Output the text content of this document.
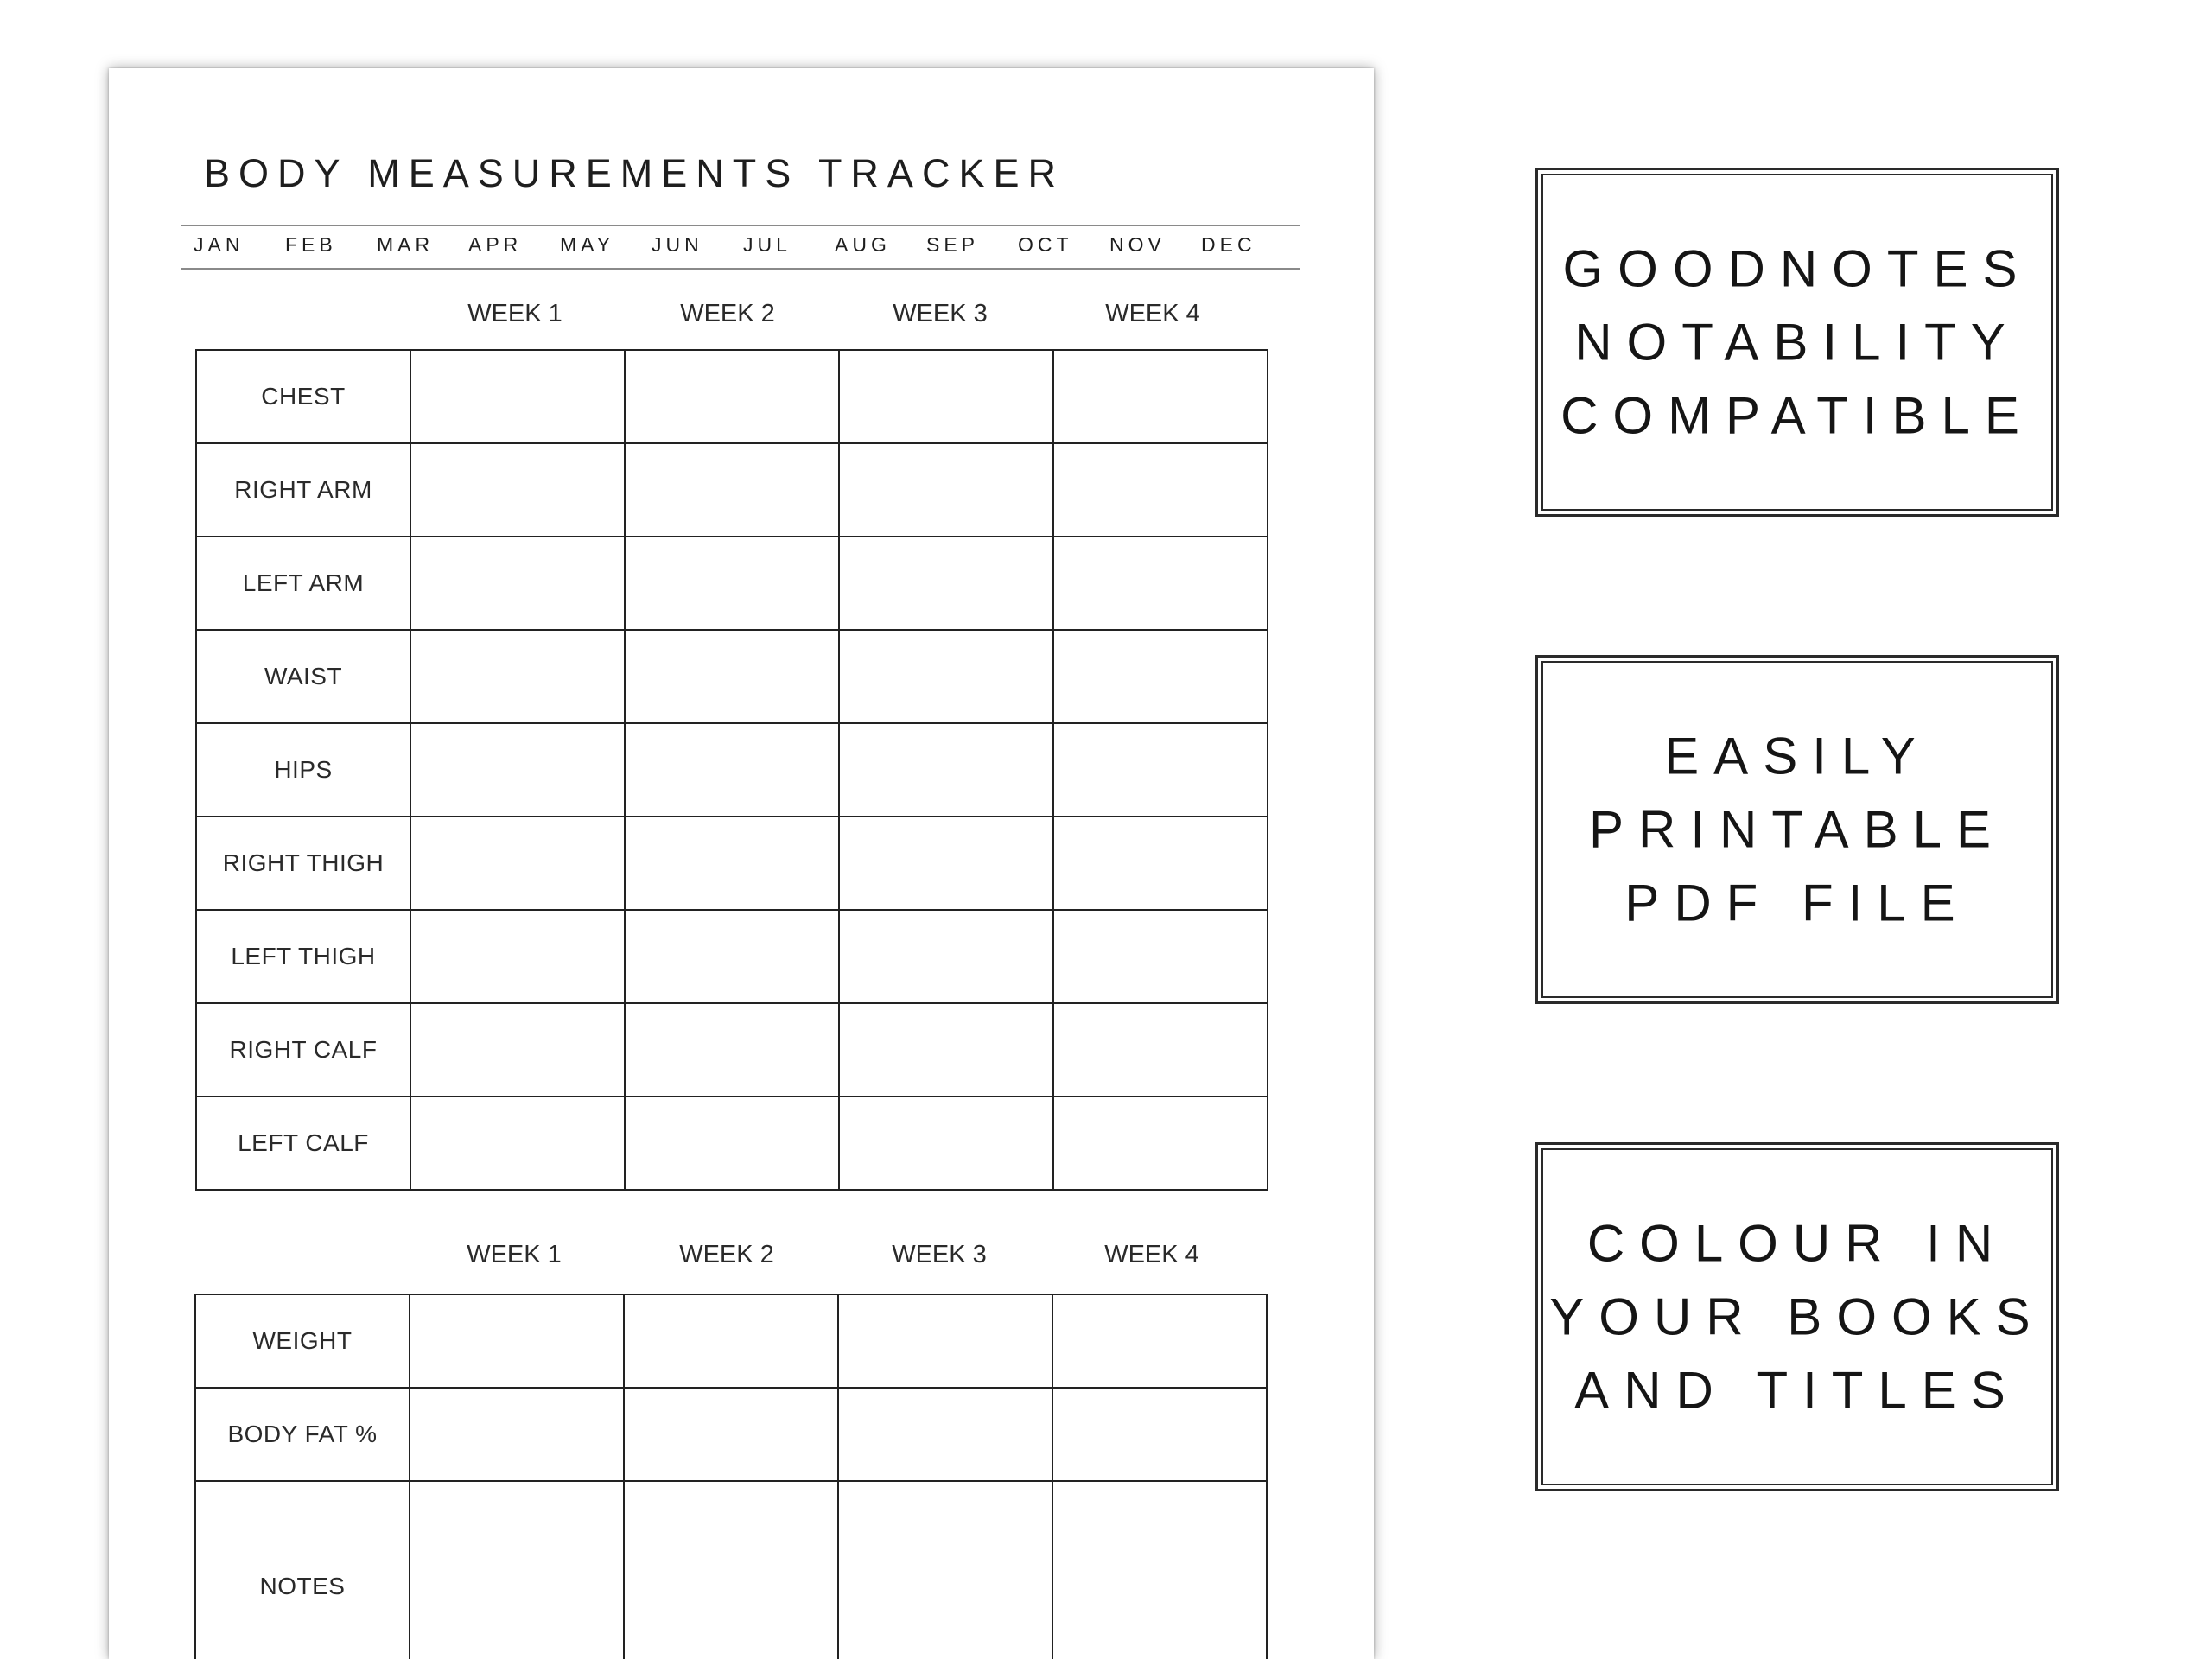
BODY MEASUREMENTS TRACKER
JAN FEB MAR APR MAY JUN JUL AUG SEP OCT NOV DEC
WEEK 1	WEEK 2	WEEK 3	WEEK 4
CHEST				
RIGHT ARM				
LEFT ARM				
WAIST				
HIPS				
RIGHT THIGH				
LEFT THIGH				
RIGHT CALF				
LEFT CALF				
WEEK 1	WEEK 2	WEEK 3	WEEK 4
WEIGHT				
BODY FAT %				
NOTES				
GOODNOTES
NOTABILITY
COMPATIBLE
EASILY
PRINTABLE
PDF FILE
COLOUR IN
YOUR BOOKS
AND TITLES
